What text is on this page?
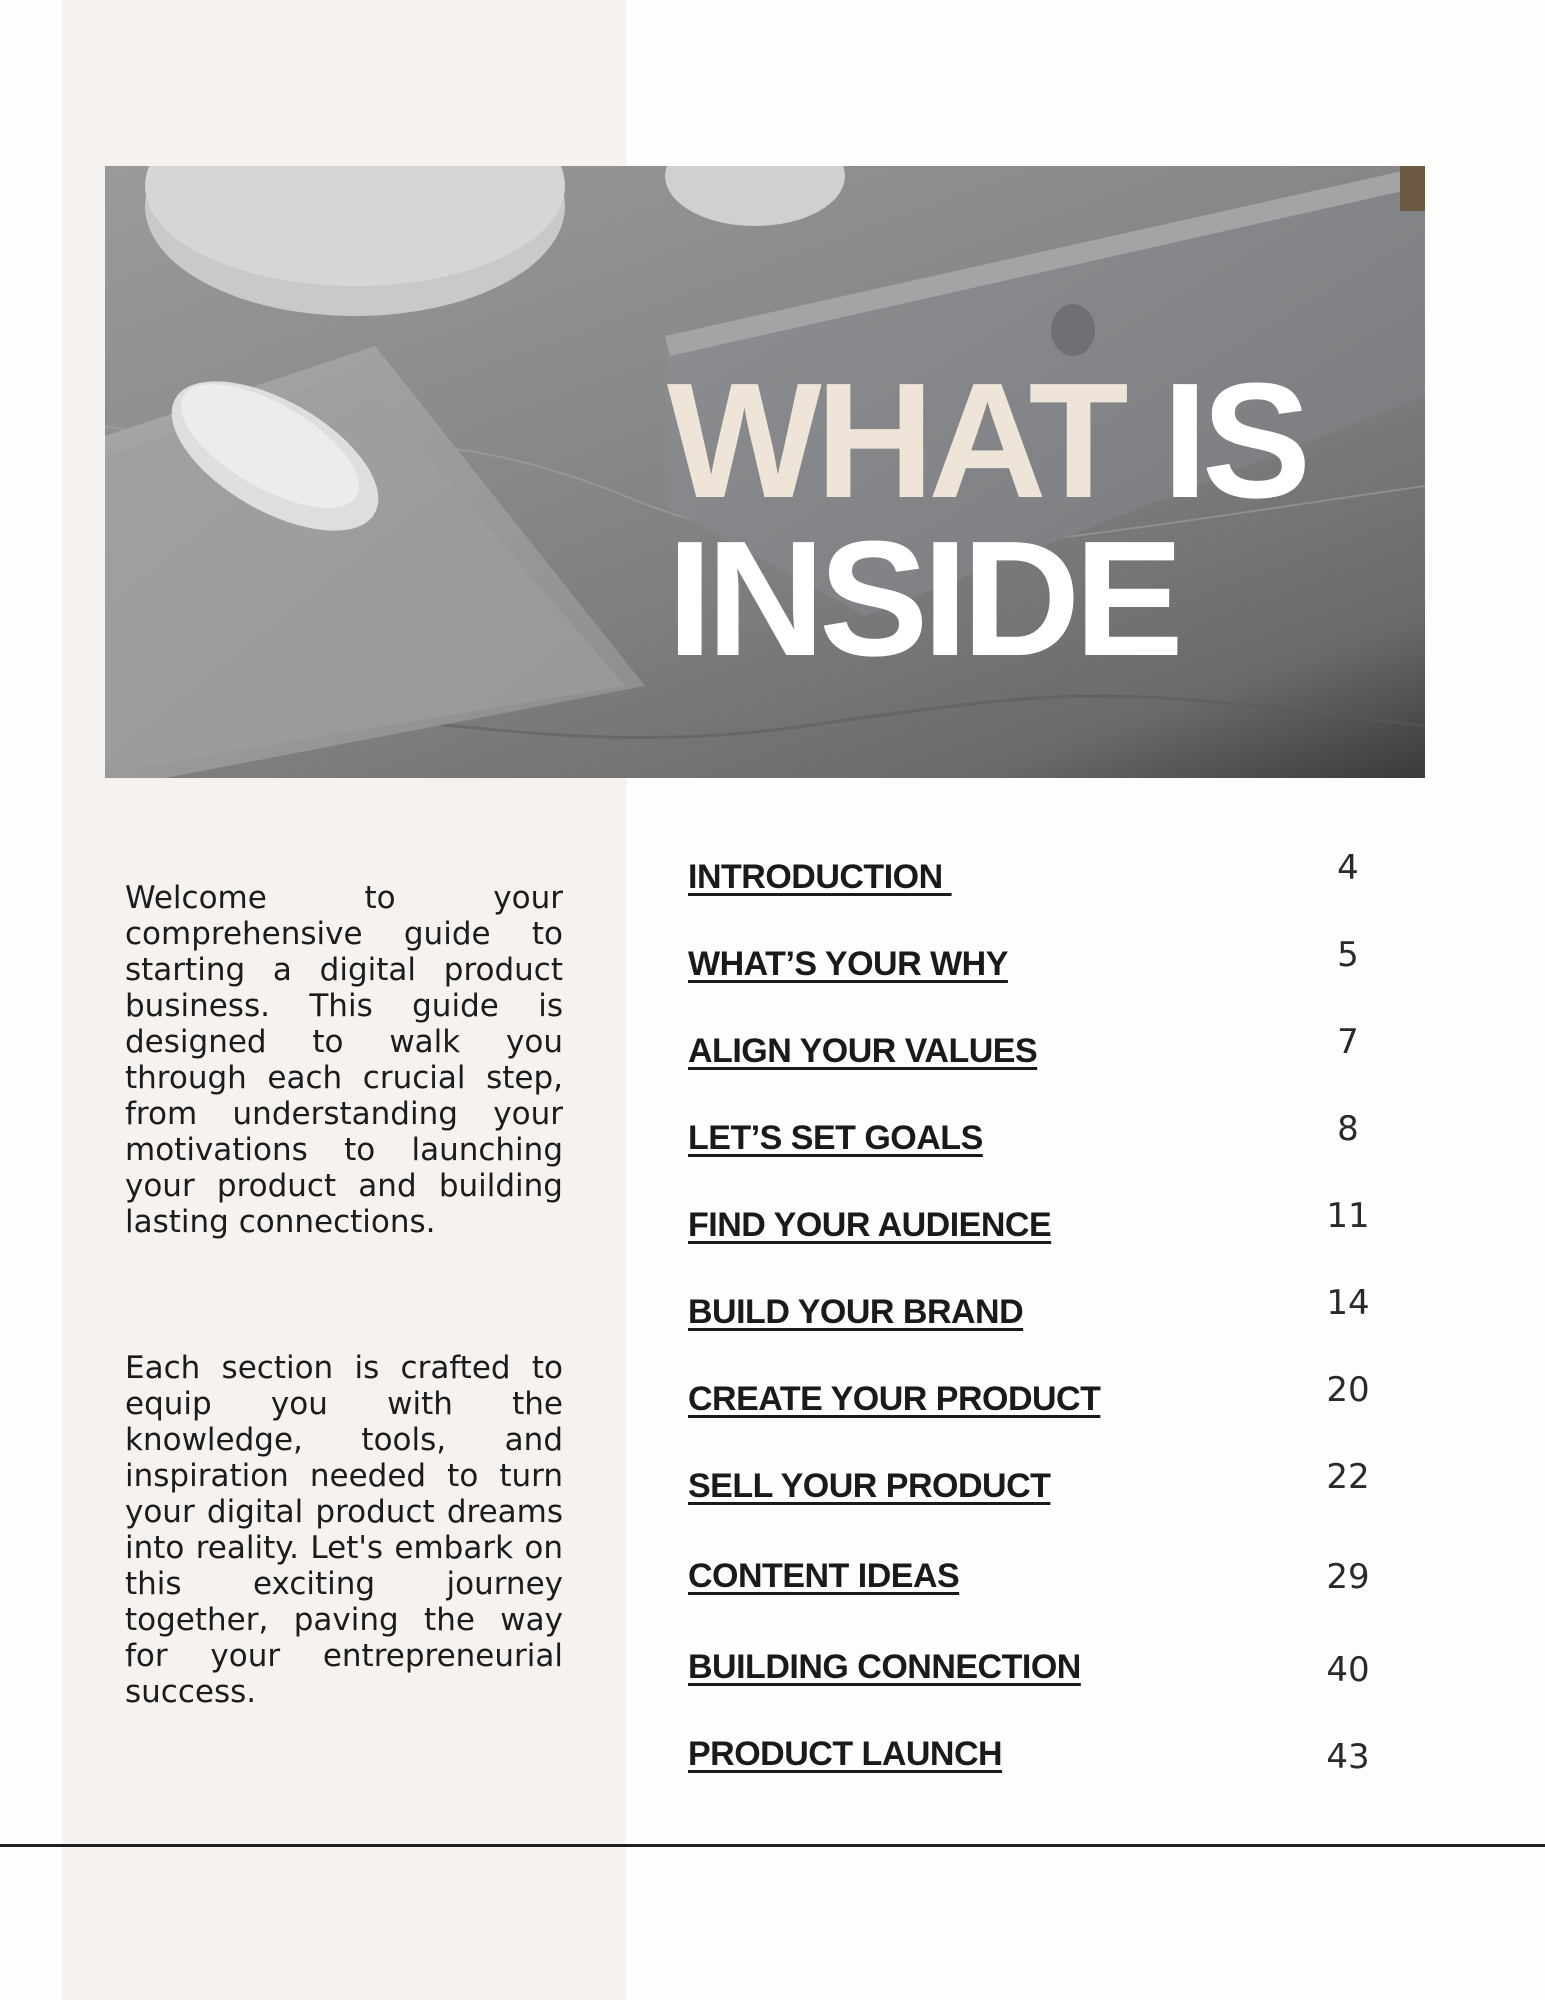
WHAT IS
INSIDE

Welcome to your comprehensive guide to starting a digital product business. This guide is designed to walk you through each crucial step, from understanding your motivations to launching your product and building lasting connections.

Each section is crafted to equip you with the knowledge, tools, and inspiration needed to turn your digital product dreams into reality. Let's embark on this exciting journey together, paving the way for your entrepreneurial success.

INTRODUCTION	4
WHAT’S YOUR WHY	5
ALIGN YOUR VALUES	7
LET’S SET GOALS	8
FIND YOUR AUDIENCE	11
BUILD YOUR BRAND	14
CREATE YOUR PRODUCT	20
SELL YOUR PRODUCT	22
CONTENT IDEAS	29
BUILDING CONNECTION	40
PRODUCT LAUNCH	43
